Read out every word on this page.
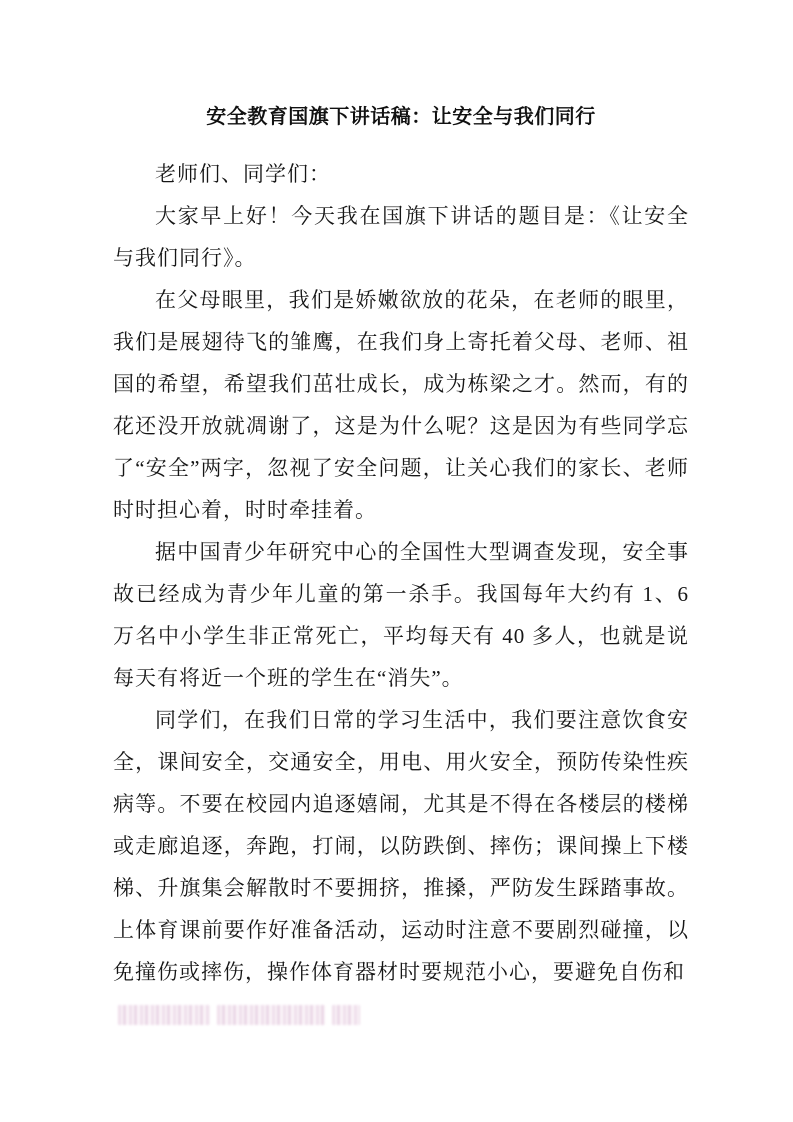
安全教育国旗下讲话稿：让安全与我们同行

老师们、同学们：

大家早上好！今天我在国旗下讲话的题目是：《让安全与我们同行》。

在父母眼里，我们是娇嫩欲放的花朵，在老师的眼里，我们是展翅待飞的雏鹰，在我们身上寄托着父母、老师、祖国的希望，希望我们茁壮成长，成为栋梁之才。然而，有的花还没开放就凋谢了，这是为什么呢？这是因为有些同学忘了“安全”两字，忽视了安全问题，让关心我们的家长、老师时时担心着，时时牵挂着。

据中国青少年研究中心的全国性大型调查发现，安全事故已经成为青少年儿童的第一杀手。我国每年大约有 1、6 万名中小学生非正常死亡，平均每天有 40 多人，也就是说每天有将近一个班的学生在“消失”。

同学们，在我们日常的学习生活中，我们要注意饮食安全，课间安全，交通安全，用电、用火安全，预防传染性疾病等。不要在校园内追逐嬉闹，尤其是不得在各楼层的楼梯或走廊追逐，奔跑，打闹，以防跌倒、摔伤；课间操上下楼梯、升旗集会解散时不要拥挤，推搡，严防发生踩踏事故。上体育课前要作好准备活动，运动时注意不要剧烈碰撞，以免撞伤或摔伤，操作体育器材时要规范小心，要避免自伤和
